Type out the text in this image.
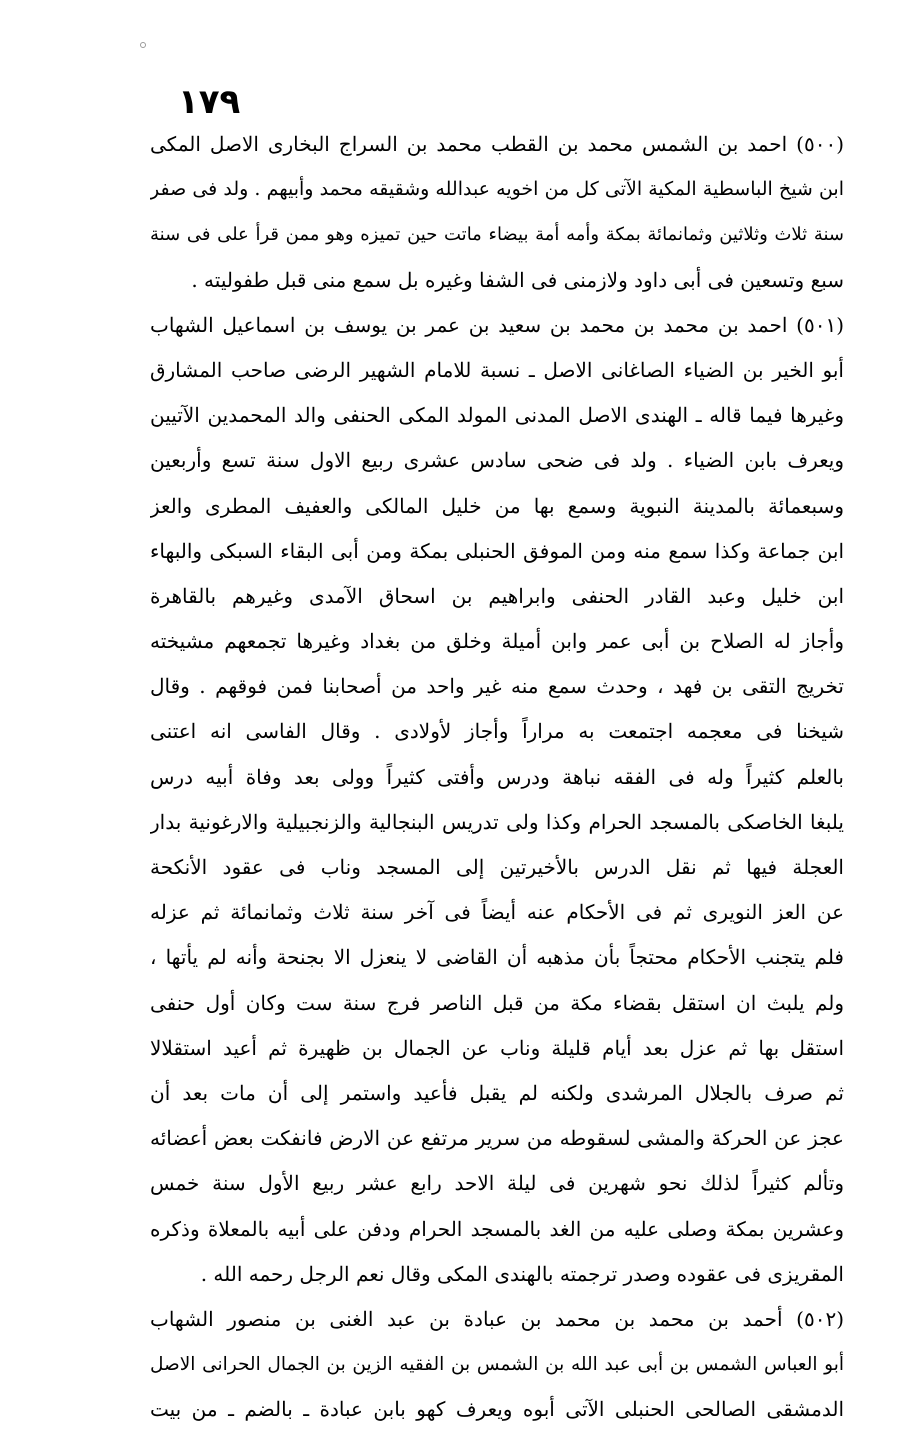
١٧٩
(٥٠٠) احمد بن الشمس محمد بن القطب محمد بن السراج البخارى الاصل المكى
ابن شيخ الباسطية المكية الآتى كل من اخويه عبدالله وشقيقه محمد وأبيهم . ولد فى صفر
سنة ثلاث وثلاثين وثمانمائة بمكة وأمه أمة بيضاء ماتت حين تميزه وهو ممن قرأ على فى سنة
سبع وتسعين فى أبى داود ولازمنى فى الشفا وغيره بل سمع منى قبل طفوليته .
(٥٠١) احمد بن محمد بن محمد بن سعيد بن عمر بن يوسف بن اسماعيل الشهاب
أبو الخير بن الضياء الصاغانى الاصل ـ نسبة للامام الشهير الرضى صاحب المشارق
وغيرها فيما قاله ـ الهندى الاصل المدنى المولد المكى الحنفى والد المحمدين الآتيين
ويعرف بابن الضياء . ولد فى ضحى سادس عشرى ربيع الاول سنة تسع وأربعين
وسبعمائة بالمدينة النبوية وسمع بها من خليل المالكى والعفيف المطرى والعز
ابن جماعة وكذا سمع منه ومن الموفق الحنبلى بمكة ومن أبى البقاء السبكى والبهاء
ابن خليل وعبد القادر الحنفى وابراهيم بن اسحاق الآمدى وغيرهم بالقاهرة
وأجاز له الصلاح بن أبى عمر وابن أميلة وخلق من بغداد وغيرها تجمعهم مشيخته
تخريج التقى بن فهد ، وحدث سمع منه غير واحد من أصحابنا فمن فوقهم . وقال
شيخنا فى معجمه اجتمعت به مراراً وأجاز لأولادى . وقال الفاسى انه اعتنى
بالعلم كثيراً وله فى الفقه نباهة ودرس وأفتى كثيراً وولى بعد وفاة أبيه درس
يلبغا الخاصكى بالمسجد الحرام وكذا ولى تدريس البنجالية والزنجبيلية والارغونية بدار
العجلة فيها ثم نقل الدرس بالأخيرتين إلى المسجد وناب فى عقود الأنكحة
عن العز النويرى ثم فى الأحكام عنه أيضاً فى آخر سنة ثلاث وثمانمائة ثم عزله
فلم يتجنب الأحكام محتجاً بأن مذهبه أن القاضى لا ينعزل الا بجنحة وأنه لم يأتها ،
ولم يلبث ان استقل بقضاء مكة من قبل الناصر فرج سنة ست وكان أول حنفى
استقل بها ثم عزل بعد أيام قليلة وناب عن الجمال بن ظهيرة ثم أعيد استقلالا
ثم صرف بالجلال المرشدى ولكنه لم يقبل فأعيد واستمر إلى أن مات بعد أن
عجز عن الحركة والمشى لسقوطه من سرير مرتفع عن الارض فانفكت بعض أعضائه
وتألم كثيراً لذلك نحو شهرين فى ليلة الاحد رابع عشر ربيع الأول سنة خمس
وعشرين بمكة وصلى عليه من الغد بالمسجد الحرام ودفن على أبيه بالمعلاة وذكره
المقريزى فى عقوده وصدر ترجمته بالهندى المكى وقال نعم الرجل رحمه الله .
(٥٠٢) أحمد بن محمد بن محمد بن عبادة بن عبد الغنى بن منصور الشهاب
أبو العباس الشمس بن أبى عبد الله بن الشمس بن الفقيه الزين بن الجمال الحرانى الاصل
الدمشقى الصالحى الحنبلى الآتى أبوه ويعرف كهو بابن عبادة ـ بالضم ـ من بيت
